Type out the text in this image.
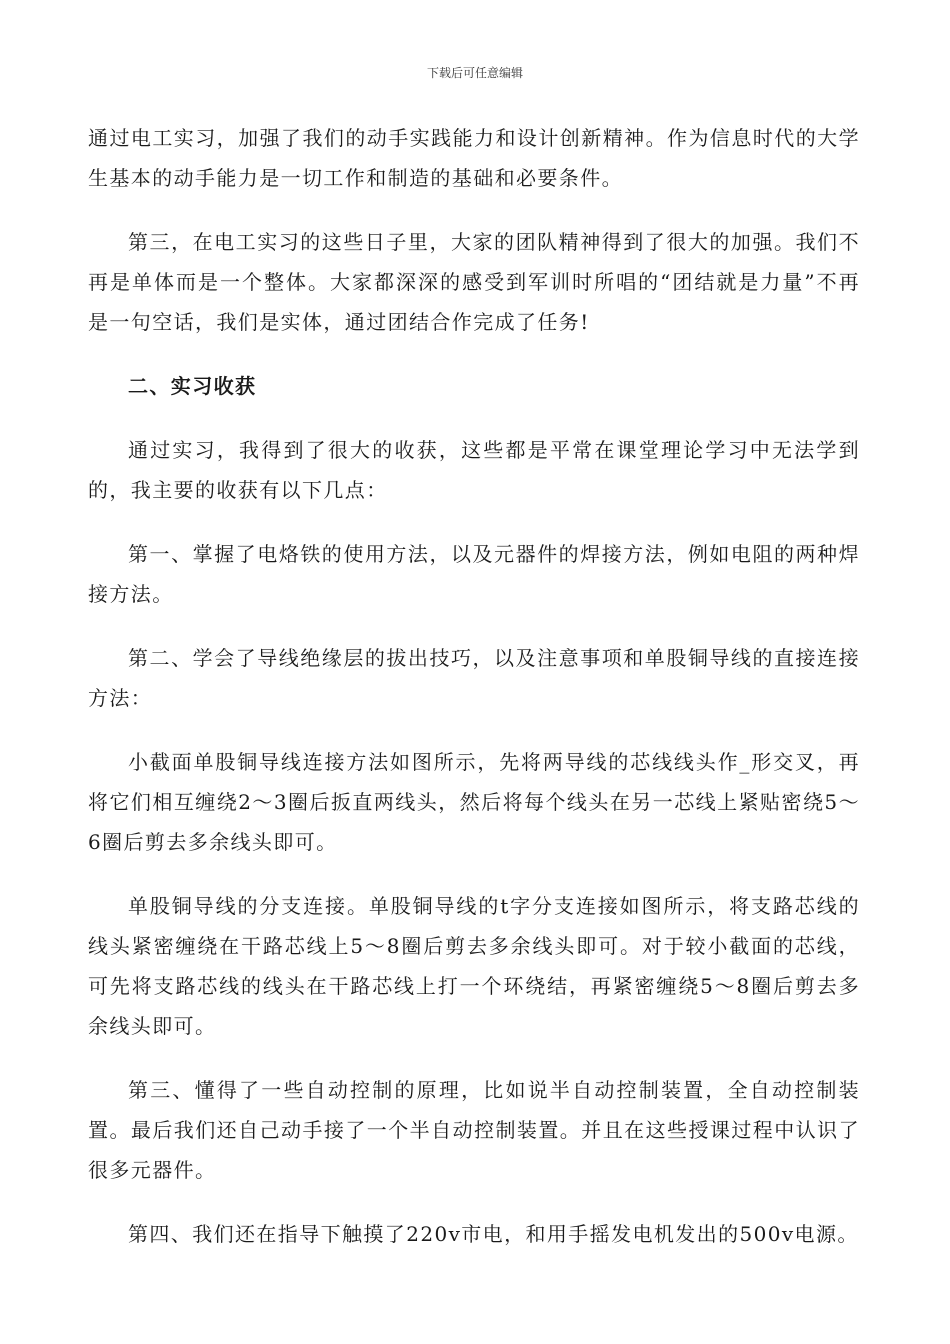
下载后可任意编辑

通过电工实习，加强了我们的动手实践能力和设计创新精神。作为信息时代的大学生基本的动手能力是一切工作和制造的基础和必要条件。

第三，在电工实习的这些日子里，大家的团队精神得到了很大的加强。我们不再是单体而是一个整体。大家都深深的感受到军训时所唱的“团结就是力量”不再是一句空话，我们是实体，通过团结合作完成了任务!

二、实习收获

通过实习，我得到了很大的收获，这些都是平常在课堂理论学习中无法学到的，我主要的收获有以下几点：

第一、掌握了电烙铁的使用方法，以及元器件的焊接方法，例如电阻的两种焊接方法。

第二、学会了导线绝缘层的拔出技巧，以及注意事项和单股铜导线的直接连接方法：

小截面单股铜导线连接方法如图所示，先将两导线的芯线线头作_形交叉，再将它们相互缠绕2～3圈后扳直两线头，然后将每个线头在另一芯线上紧贴密绕5～6圈后剪去多余线头即可。

单股铜导线的分支连接。单股铜导线的t字分支连接如图所示，将支路芯线的线头紧密缠绕在干路芯线上5～8圈后剪去多余线头即可。对于较小截面的芯线，可先将支路芯线的线头在干路芯线上打一个环绕结，再紧密缠绕5～8圈后剪去多余线头即可。

第三、懂得了一些自动控制的原理，比如说半自动控制装置，全自动控制装置。最后我们还自己动手接了一个半自动控制装置。并且在这些授课过程中认识了很多元器件。

第四、我们还在指导下触摸了220v市电，和用手摇发电机发出的500v电源。
